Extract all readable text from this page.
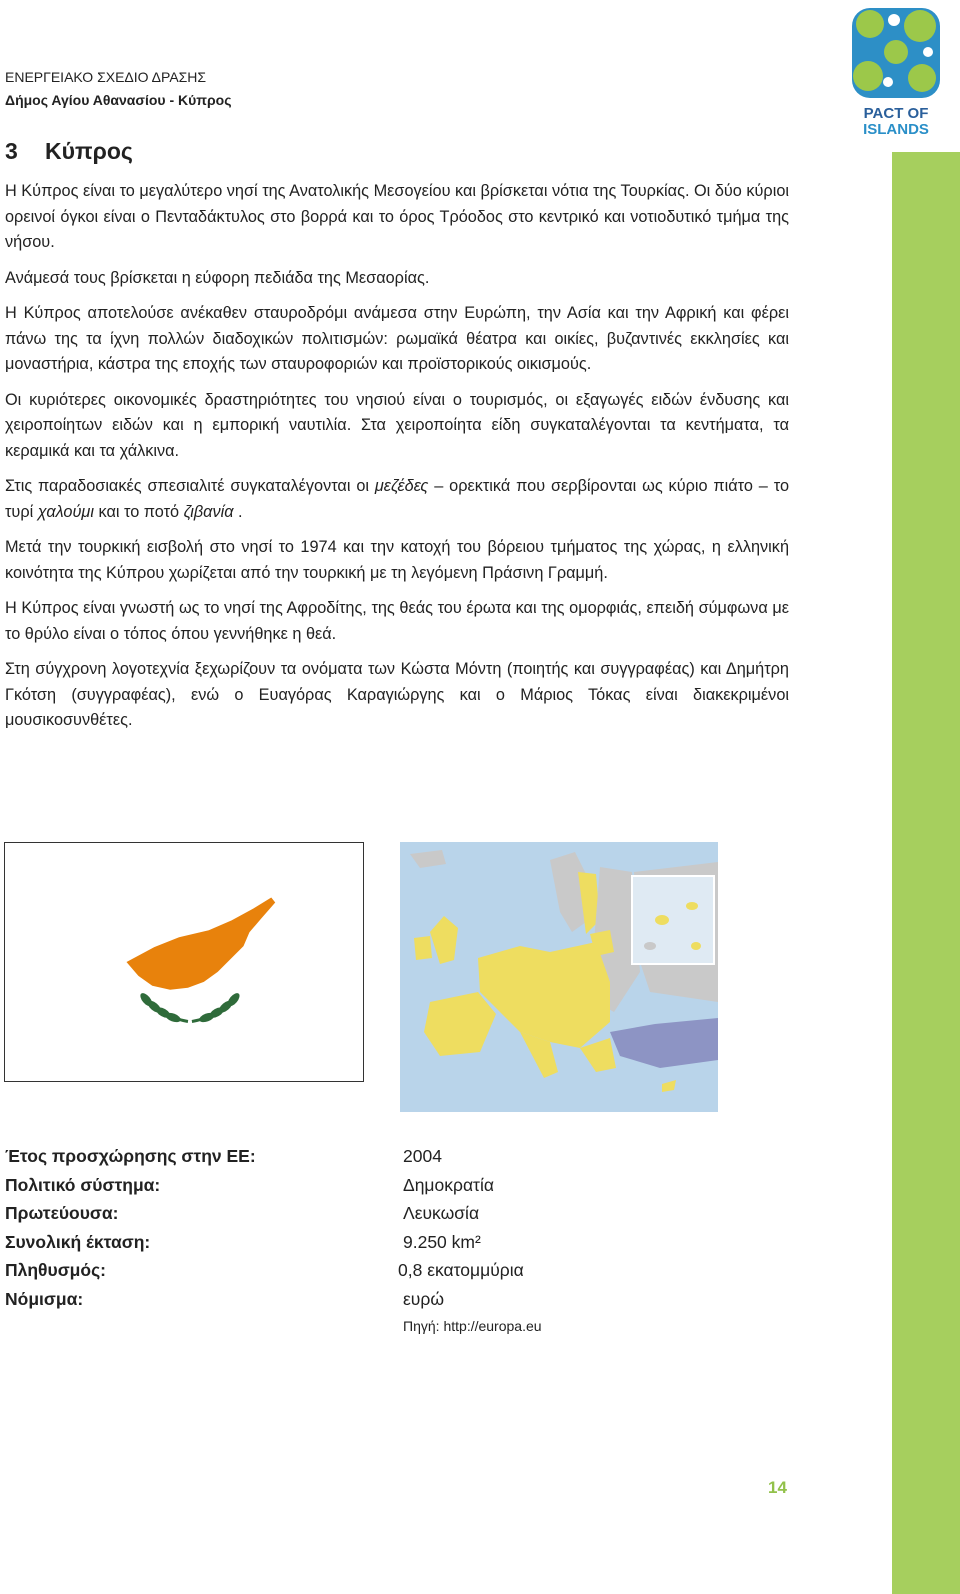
PACT OF
ISLANDS
ΕΝΕΡΓΕΙΑΚΟ ΣΧΕΔΙΟ ΔΡΑΣΗΣ
Δήμος Αγίου Αθανασίου - Κύπρος
3 Κύπρος

Η Κύπρος είναι το μεγαλύτερο νησί της Ανατολικής Μεσογείου και βρίσκεται νότια της Τουρκίας. Οι δύο κύριοι ορεινοί όγκοι είναι ο Πενταδάκτυλος στο βορρά και το όρος Τρόοδος στο κεντρικό και νοτιοδυτικό τμήμα της νήσου.

Ανάμεσά τους βρίσκεται η εύφορη πεδιάδα της Μεσαορίας.

Η Κύπρος αποτελούσε ανέκαθεν σταυροδρόμι ανάμεσα στην Ευρώπη, την Ασία και την Αφρική και φέρει πάνω της τα ίχνη πολλών διαδοχικών πολιτισμών: ρωμαϊκά θέατρα και οικίες, βυζαντινές εκκλησίες και μοναστήρια, κάστρα της εποχής των σταυροφοριών και προϊστορικούς οικισμούς.

Οι κυριότερες οικονομικές δραστηριότητες του νησιού είναι ο τουρισμός, οι εξαγωγές ειδών ένδυσης και χειροποίητων ειδών και η εμπορική ναυτιλία. Στα χειροποίητα είδη συγκαταλέγονται τα κεντήματα, τα κεραμικά και τα χάλκινα.

Στις παραδοσιακές σπεσιαλιτέ συγκαταλέγονται οι μεζέδες – ορεκτικά που σερβίρονται ως κύριο πιάτο – το τυρί χαλούμι και το ποτό ζιβανία .

Μετά την τουρκική εισβολή στο νησί το 1974 και την κατοχή του βόρειου τμήματος της χώρας, η ελληνική κοινότητα της Κύπρου χωρίζεται από την τουρκική με τη λεγόμενη Πράσινη Γραμμή.

Η Κύπρος είναι γνωστή ως το νησί της Αφροδίτης, της θεάς του έρωτα και της ομορφιάς, επειδή σύμφωνα με το θρύλο είναι ο τόπος όπου γεννήθηκε η θεά.

Στη σύγχρονη λογοτεχνία ξεχωρίζουν τα ονόματα των Κώστα Μόντη (ποιητής και συγγραφέας) και Δημήτρη Γκότση (συγγραφέας), ενώ ο Ευαγόρας Καραγιώργης και ο Μάριος Τόκας είναι διακεκριμένοι μουσικοσυνθέτες.

Έτος προσχώρησης στην ΕΕ:	2004
Πολιτικό σύστημα:	Δημοκρατία
Πρωτεύουσα:	Λευκωσία
Συνολική έκταση:	9.250 km²
Πληθυσμός:	0,8 εκατομμύρια
Νόμισμα:	ευρώ
Πηγή: http://europa.eu
14
